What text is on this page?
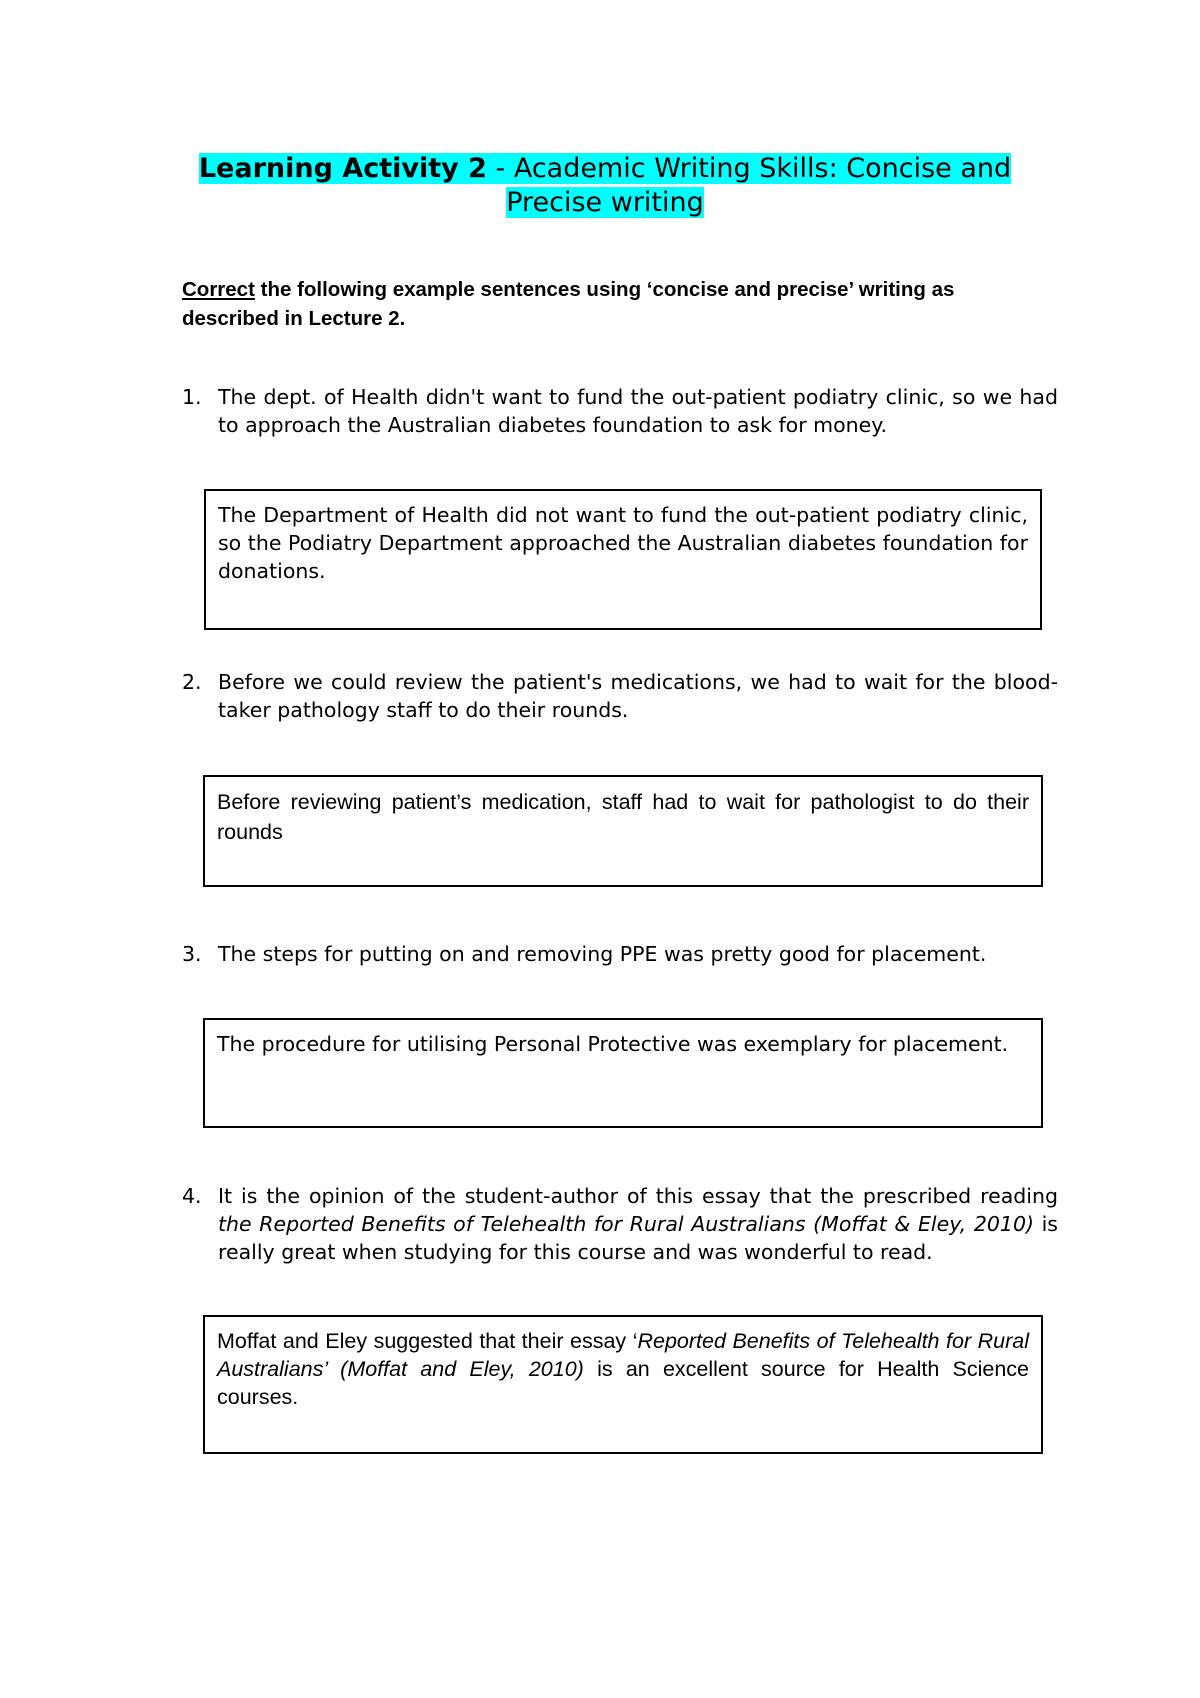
Learning Activity 2 - Academic Writing Skills: Concise and
Precise writing
Correct the following example sentences using ‘concise and precise’ writing as described in Lecture 2.
1. The dept. of Health didn't want to fund the out-patient podiatry clinic, so we had to approach the Australian diabetes foundation to ask for money.
The Department of Health did not want to fund the out-patient podiatry clinic, so the Podiatry Department approached the Australian diabetes foundation for donations.
2. Before we could review the patient's medications, we had to wait for the blood-taker pathology staff to do their rounds.
Before reviewing patient’s medication, staff had to wait for pathologist to do their rounds
3. The steps for putting on and removing PPE was pretty good for placement.
The procedure for utilising Personal Protective was exemplary for placement.
4. It is the opinion of the student-author of this essay that the prescribed reading the Reported Benefits of Telehealth for Rural Australians (Moffat & Eley, 2010) is really great when studying for this course and was wonderful to read.
Moffat and Eley suggested that their essay ‘Reported Benefits of Telehealth for Rural Australians’ (Moffat and Eley, 2010) is an excellent source for Health Science courses.
